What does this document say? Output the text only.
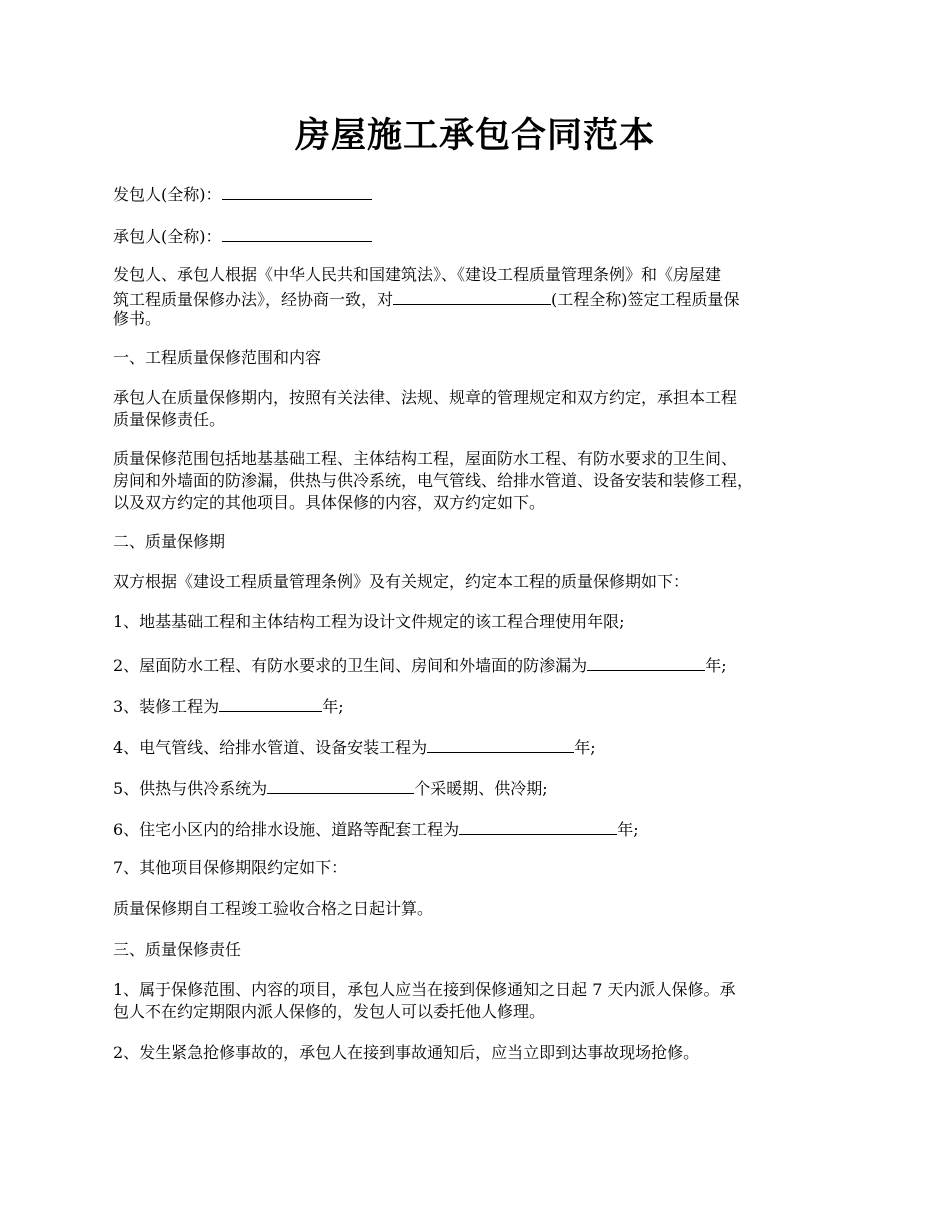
房屋施工承包合同范本
发包人(全称)：
承包人(全称)：
发包人、承包人根据《中华人民共和国建筑法》、《建设工程质量管理条例》和《房屋建
筑工程质量保修办法》，经协商一致，对	(工程全称)签定工程质量保
修书。
一、工程质量保修范围和内容
承包人在质量保修期内，按照有关法律、法规、规章的管理规定和双方约定，承担本工程
质量保修责任。
质量保修范围包括地基基础工程、主体结构工程，屋面防水工程、有防水要求的卫生间、
房间和外墙面的防渗漏，供热与供冷系统，电气管线、给排水管道、设备安装和装修工程，
以及双方约定的其他项目。具体保修的内容，双方约定如下。
二、质量保修期
双方根据《建设工程质量管理条例》及有关规定，约定本工程的质量保修期如下：
1、地基基础工程和主体结构工程为设计文件规定的该工程合理使用年限;
2、屋面防水工程、有防水要求的卫生间、房间和外墙面的防渗漏为	年;
3、装修工程为	年;
4、电气管线、给排水管道、设备安装工程为	年;
5、供热与供冷系统为	个采暖期、供冷期;
6、住宅小区内的给排水设施、道路等配套工程为	年;
7、其他项目保修期限约定如下：
质量保修期自工程竣工验收合格之日起计算。
三、质量保修责任
1、属于保修范围、内容的项目，承包人应当在接到保修通知之日起 7 天内派人保修。承
包人不在约定期限内派人保修的，发包人可以委托他人修理。
2、发生紧急抢修事故的，承包人在接到事故通知后，应当立即到达事故现场抢修。
